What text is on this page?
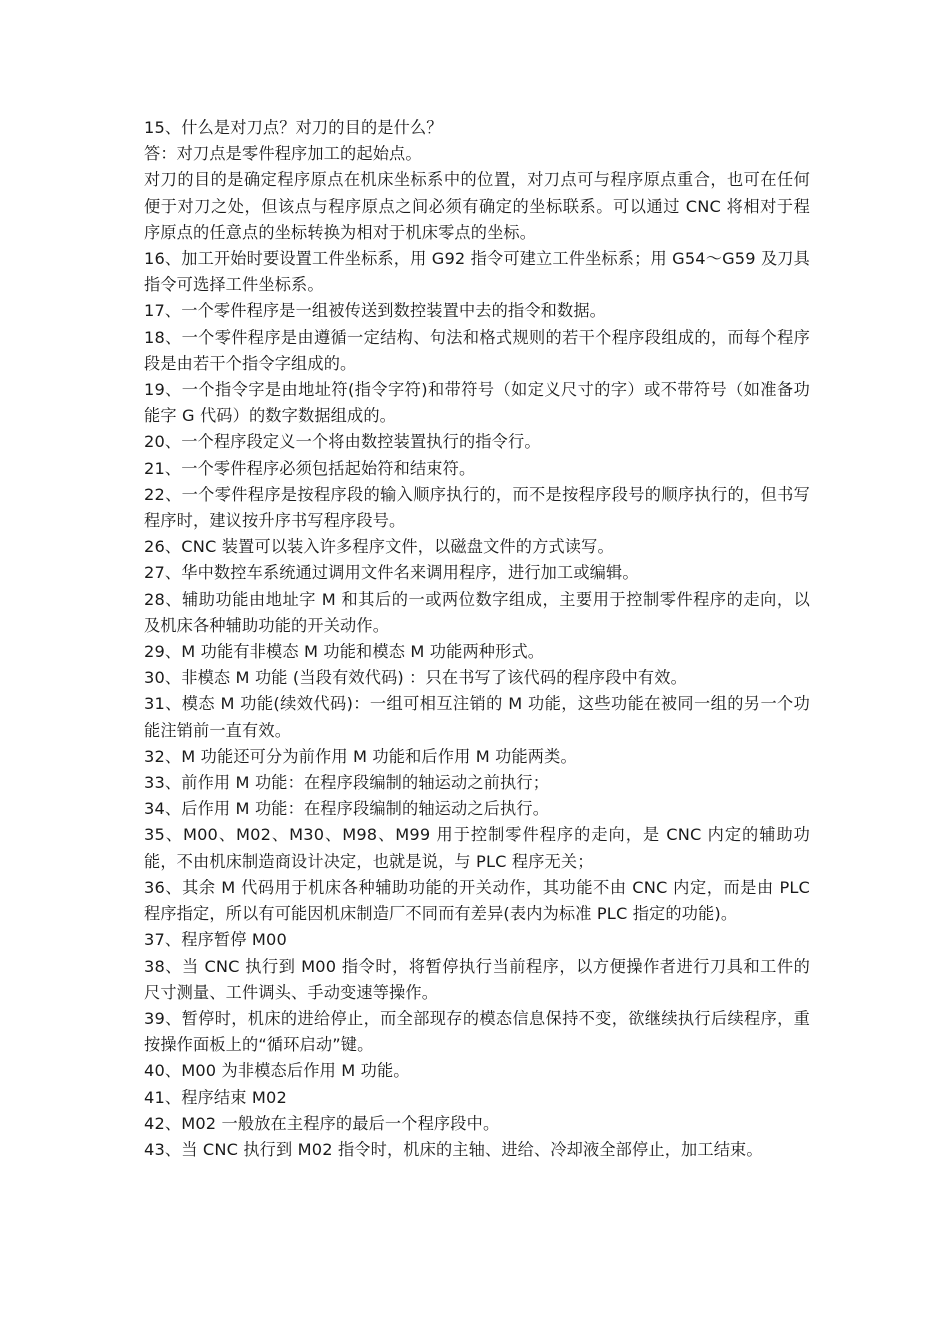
15、什么是对刀点？对刀的目的是什么？

答：对刀点是零件程序加工的起始点。

对刀的目的是确定程序原点在机床坐标系中的位置，对刀点可与程序原点重合，也可在任何便于对刀之处，但该点与程序原点之间必须有确定的坐标联系。可以通过 CNC 将相对于程序原点的任意点的坐标转换为相对于机床零点的坐标。

16、加工开始时要设置工件坐标系，用 G92 指令可建立工件坐标系；用 G54～G59 及刀具指令可选择工件坐标系。

17、一个零件程序是一组被传送到数控装置中去的指令和数据。

18、一个零件程序是由遵循一定结构、句法和格式规则的若干个程序段组成的，而每个程序段是由若干个指令字组成的。

19、一个指令字是由地址符(指令字符)和带符号（如定义尺寸的字）或不带符号（如准备功能字 G 代码）的数字数据组成的。

20、一个程序段定义一个将由数控装置执行的指令行。

21、一个零件程序必须包括起始符和结束符。

22、一个零件程序是按程序段的输入顺序执行的，而不是按程序段号的顺序执行的，但书写程序时，建议按升序书写程序段号。

26、CNC 装置可以装入许多程序文件，以磁盘文件的方式读写。

27、华中数控车系统通过调用文件名来调用程序，进行加工或编辑。

28、辅助功能由地址字 M 和其后的一或两位数字组成，主要用于控制零件程序的走向，以及机床各种辅助功能的开关动作。

29、M 功能有非模态 M 功能和模态 M 功能两种形式。

30、非模态 M 功能 (当段有效代码) ：只在书写了该代码的程序段中有效。

31、模态 M 功能(续效代码)：一组可相互注销的 M 功能，这些功能在被同一组的另一个功能注销前一直有效。

32、M 功能还可分为前作用 M 功能和后作用 M 功能两类。

33、前作用 M 功能：在程序段编制的轴运动之前执行；

34、后作用 M 功能：在程序段编制的轴运动之后执行。

35、M00、M02、M30、M98、M99 用于控制零件程序的走向，是 CNC 内定的辅助功能，不由机床制造商设计决定，也就是说，与 PLC 程序无关；

36、其余 M 代码用于机床各种辅助功能的开关动作，其功能不由 CNC 内定，而是由 PLC 程序指定，所以有可能因机床制造厂不同而有差异(表内为标准 PLC 指定的功能)。

37、程序暂停 M00

38、当 CNC 执行到 M00 指令时，将暂停执行当前程序，以方便操作者进行刀具和工件的尺寸测量、工件调头、手动变速等操作。

39、暂停时，机床的进给停止，而全部现存的模态信息保持不变，欲继续执行后续程序，重按操作面板上的“循环启动”键。

40、M00 为非模态后作用 M 功能。

41、程序结束 M02

42、M02 一般放在主程序的最后一个程序段中。

43、当 CNC 执行到 M02 指令时，机床的主轴、进给、冷却液全部停止，加工结束。
